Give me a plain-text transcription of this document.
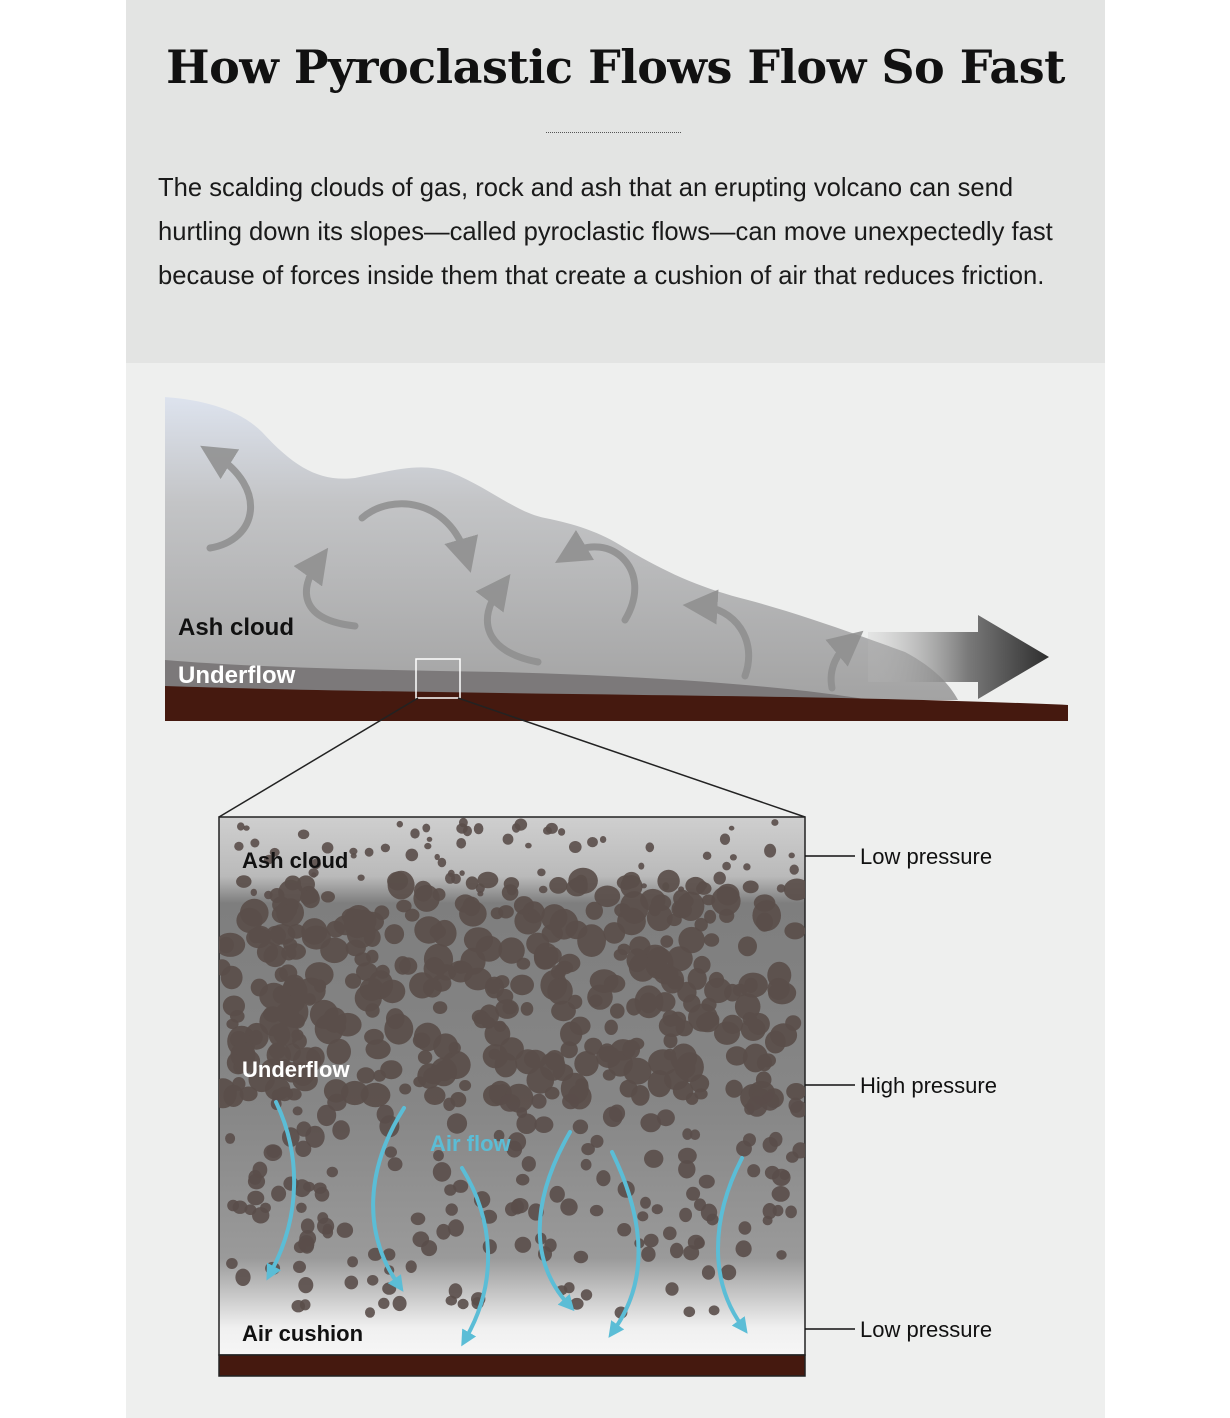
How Pyroclastic Flows Flow So Fast
The scalding clouds of gas, rock and ash that an erupting volcano can send hurtling down its slopes—called pyroclastic flows—can move unexpectedly fast because of forces inside them that create a cushion of air that reduces friction.
Ash cloud
Underflow
Ash cloud
Underflow
Air flow
Air cushion
Low pressure
High pressure
Low pressure
